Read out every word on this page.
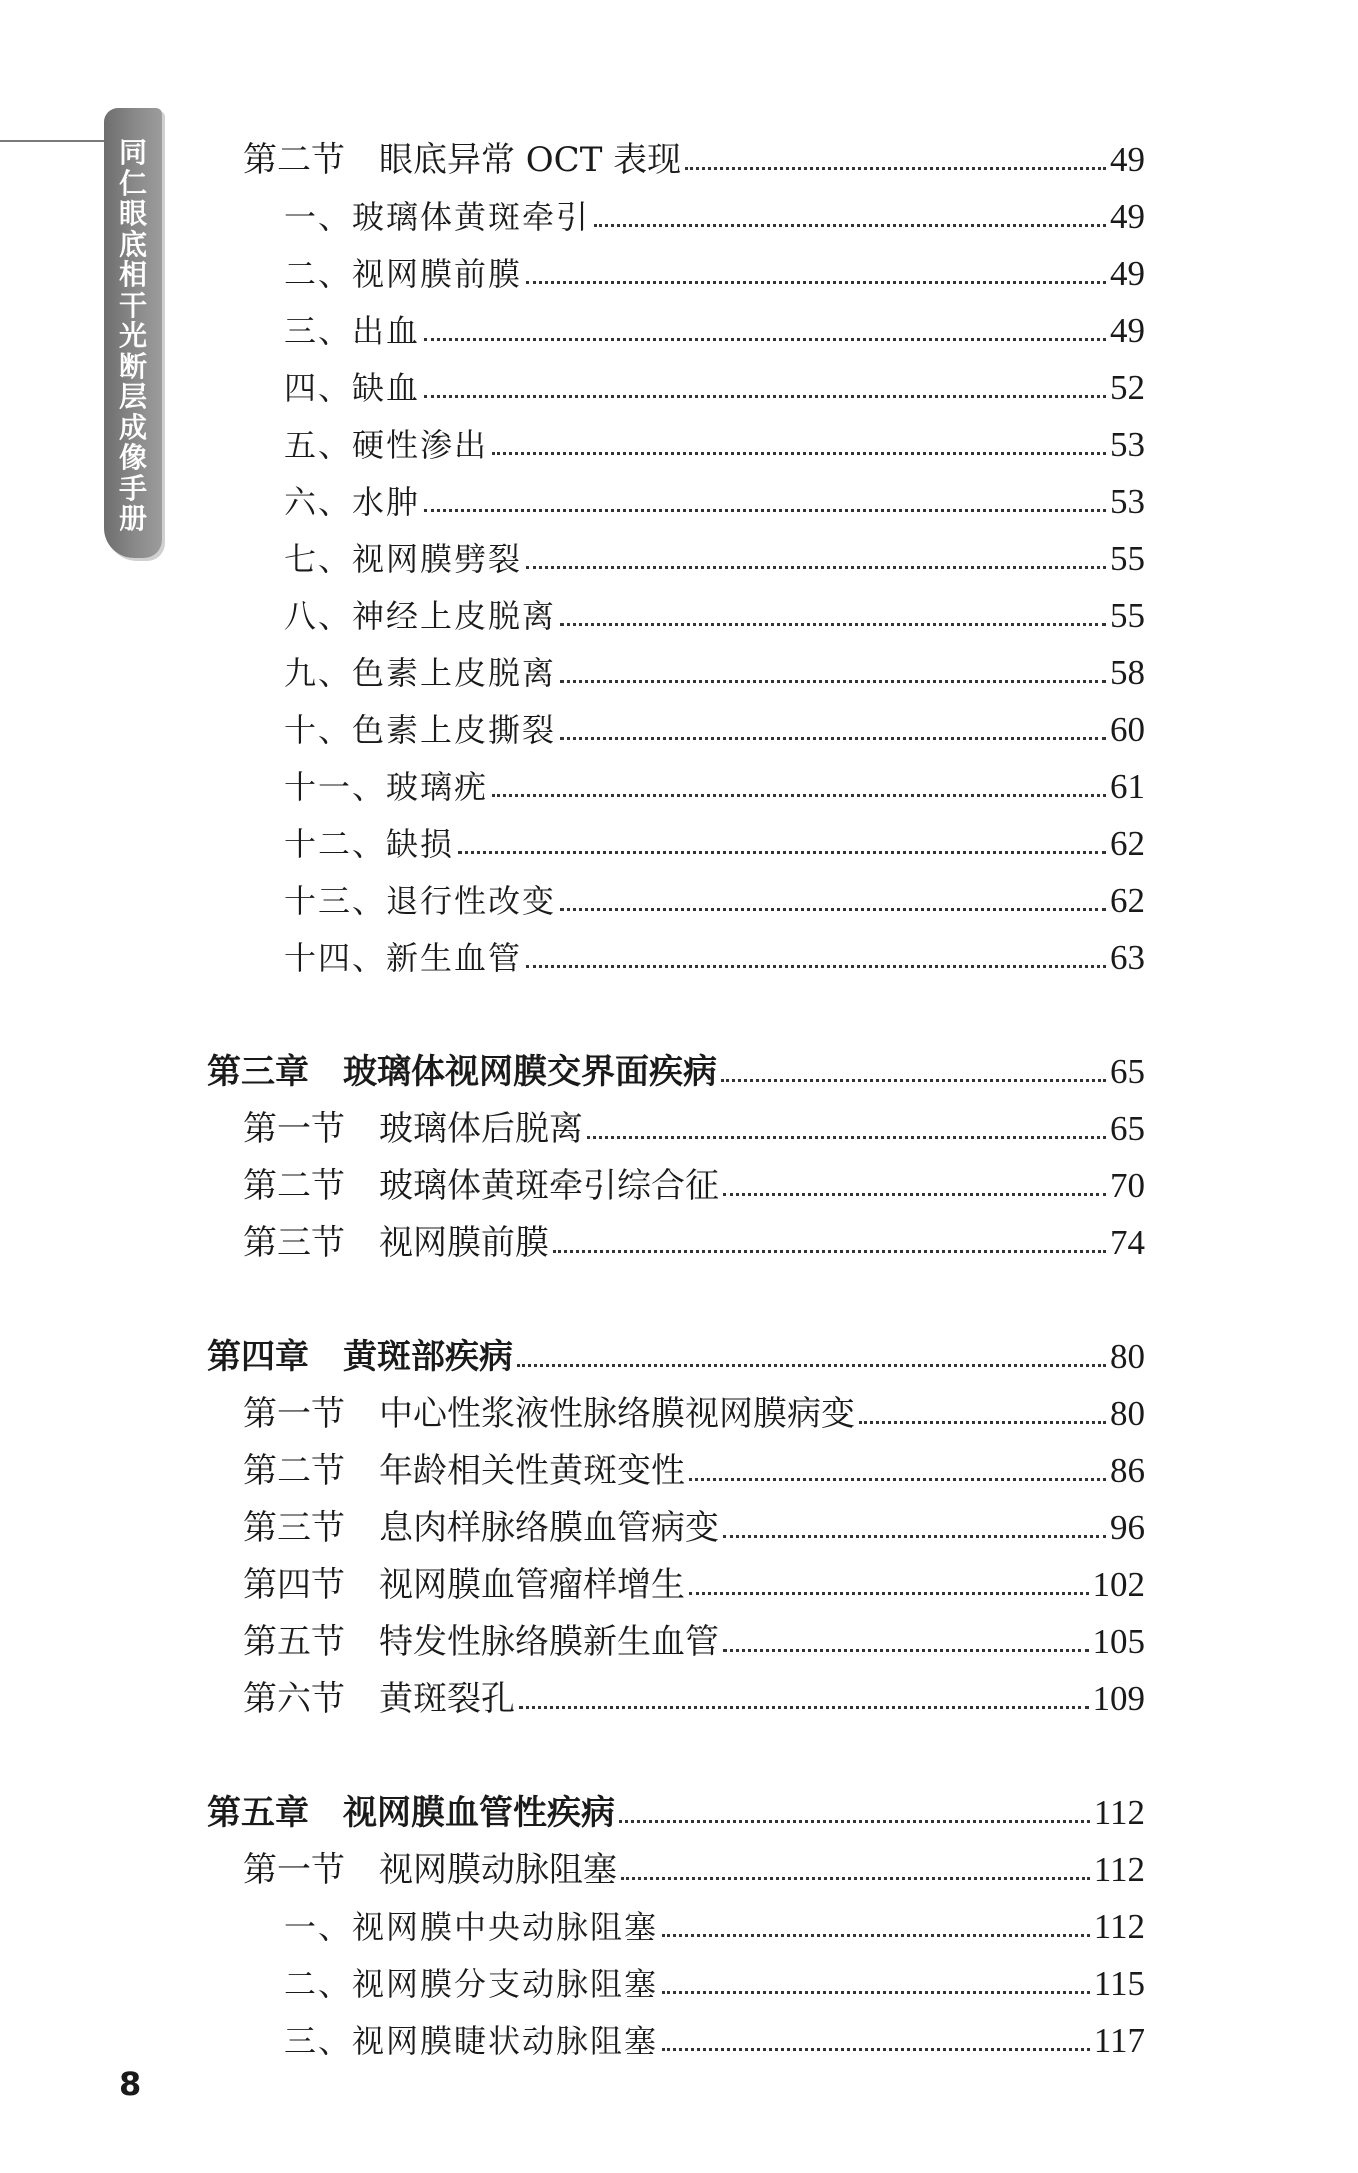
同仁眼底相干光断层成像手册
第二节　眼底异常 OCT 表现	49
一、玻璃体黄斑牵引	49
二、视网膜前膜	49
三、出血	49
四、缺血	52
五、硬性渗出	53
六、水肿	53
七、视网膜劈裂	55
八、神经上皮脱离	55
九、色素上皮脱离	58
十、色素上皮撕裂	60
十一、玻璃疣	61
十二、缺损	62
十三、退行性改变	62
十四、新生血管	63
第三章　玻璃体视网膜交界面疾病	65
第一节　玻璃体后脱离	65
第二节　玻璃体黄斑牵引综合征	70
第三节　视网膜前膜	74
第四章　黄斑部疾病	80
第一节　中心性浆液性脉络膜视网膜病变	80
第二节　年龄相关性黄斑变性	86
第三节　息肉样脉络膜血管病变	96
第四节　视网膜血管瘤样增生	102
第五节　特发性脉络膜新生血管	105
第六节　黄斑裂孔	109
第五章　视网膜血管性疾病	112
第一节　视网膜动脉阻塞	112
一、视网膜中央动脉阻塞	112
二、视网膜分支动脉阻塞	115
三、视网膜睫状动脉阻塞	117
8
